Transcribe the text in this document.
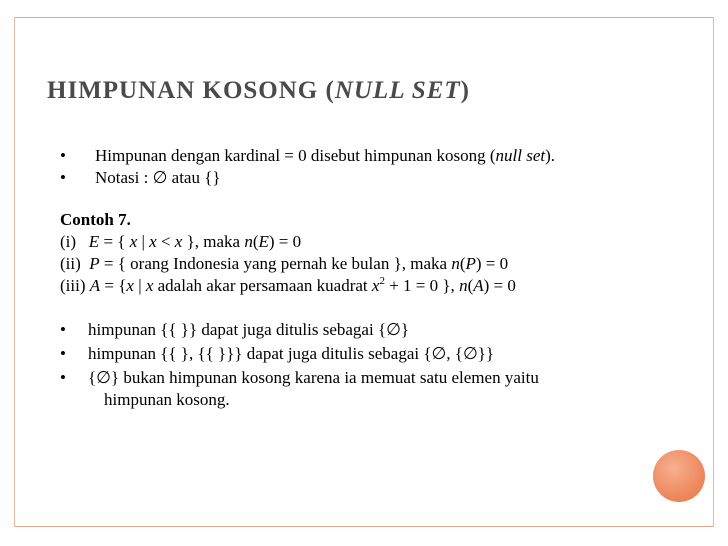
HIMPUNAN KOSONG (NULL SET)
• Himpunan dengan kardinal = 0 disebut himpunan kosong (null set).
• Notasi : ∅ atau {}
Contoh 7.
(i)   E = { x | x < x }, maka n(E) = 0
(ii)  P = { orang Indonesia yang pernah ke bulan }, maka n(P) = 0
(iii) A = {x | x adalah akar persamaan kuadrat $x^2 + 1 = 0$ }, n(A) = 0
• himpunan {{ }} dapat juga ditulis sebagai {∅}
• himpunan {{ }, {{ }}} dapat juga ditulis sebagai {∅, {∅}}
• {∅} bukan himpunan kosong karena ia memuat satu elemen yaitu
himpunan kosong.
